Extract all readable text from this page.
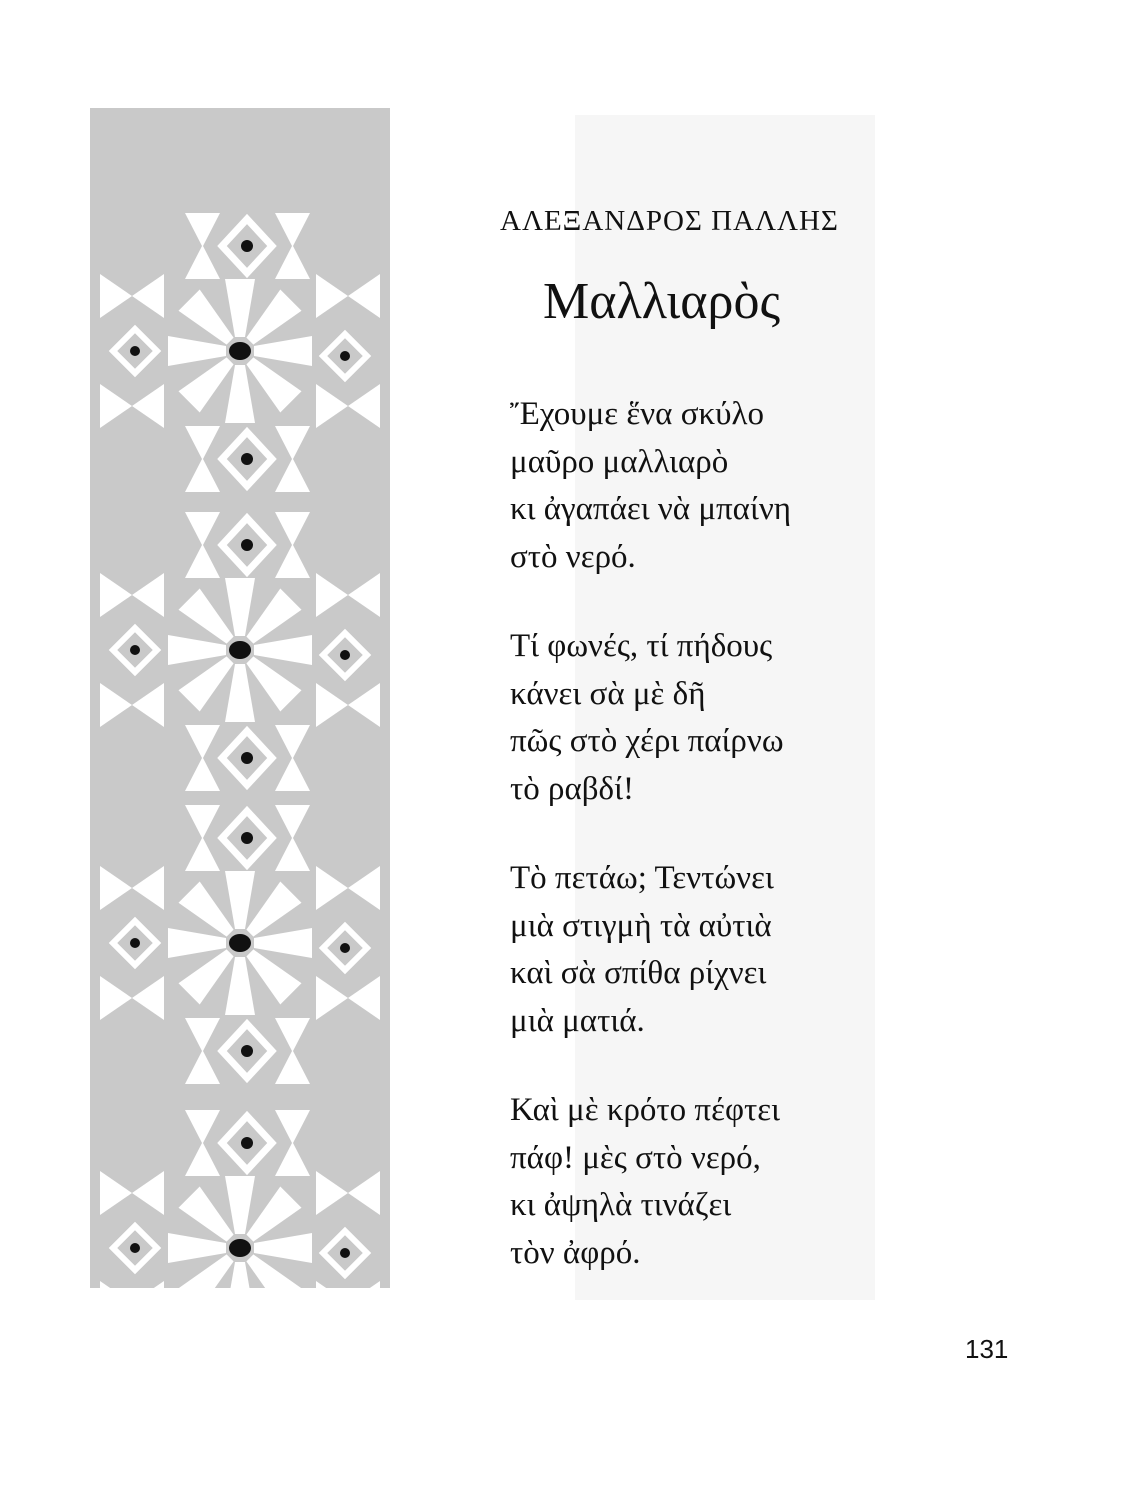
ΑΛΕΞΑΝΔΡΟΣ ΠΑΛΛΗΣ
Μαλλιαρὸς
Ἔχουμε ἕνα σκύλο
μαῦρο μαλλιαρὸ
κι ἀγαπάει νὰ μπαίνη
στὸ νερό.
Τί φωνές, τί πήδους
κάνει σὰ μὲ δῆ
πῶς στὸ χέρι παίρνω
τὸ ραβδί!
Τὸ πετάω; Τεντώνει
μιὰ στιγμὴ τὰ αὐτιὰ
καὶ σὰ σπίθα ρίχνει
μιὰ ματιά.
Καὶ μὲ κρότο πέφτει
πάφ! μὲς στὸ νερό,
κι ἀψηλὰ τινάζει
τὸν ἀφρό.
131
